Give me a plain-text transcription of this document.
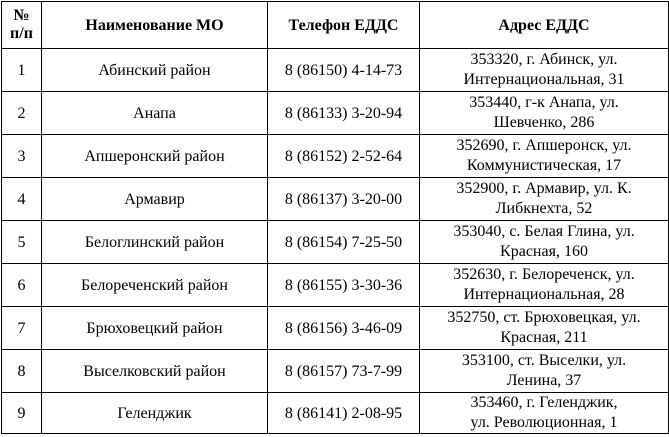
№
п/п	Наименование МО	Телефон ЕДДС	Адрес ЕДДС
1	Абинский район	8 (86150) 4-14-73	353320, г. Абинск, ул.
Интернациональная, 31

2	Анапа	8 (86133) 3-20-94	353440, г-к Анапа, ул.
Шевченко, 286

3	Апшеронский район	8 (86152) 2-52-64	352690, г. Апшеронск, ул.
Коммунистическая, 17

4	Армавир	8 (86137) 3-20-00	352900, г. Армавир, ул. К.
Либкнехта, 52

5	Белоглинский район	8 (86154) 7-25-50	353040, с. Белая Глина, ул.
Красная, 160

6	Белореченский район	8 (86155) 3-30-36	352630, г. Белореченск, ул.
Интернациональная, 28

7	Брюховецкий район	8 (86156) 3-46-09	352750, ст. Брюховецкая, ул.
Красная, 211

8	Выселковский район	8 (86157) 73-7-99	353100, ст. Выселки, ул.
Ленина, 37

9	Геленджик	8 (86141) 2-08-95	353460, г. Геленджик,
ул. Революционная, 1
